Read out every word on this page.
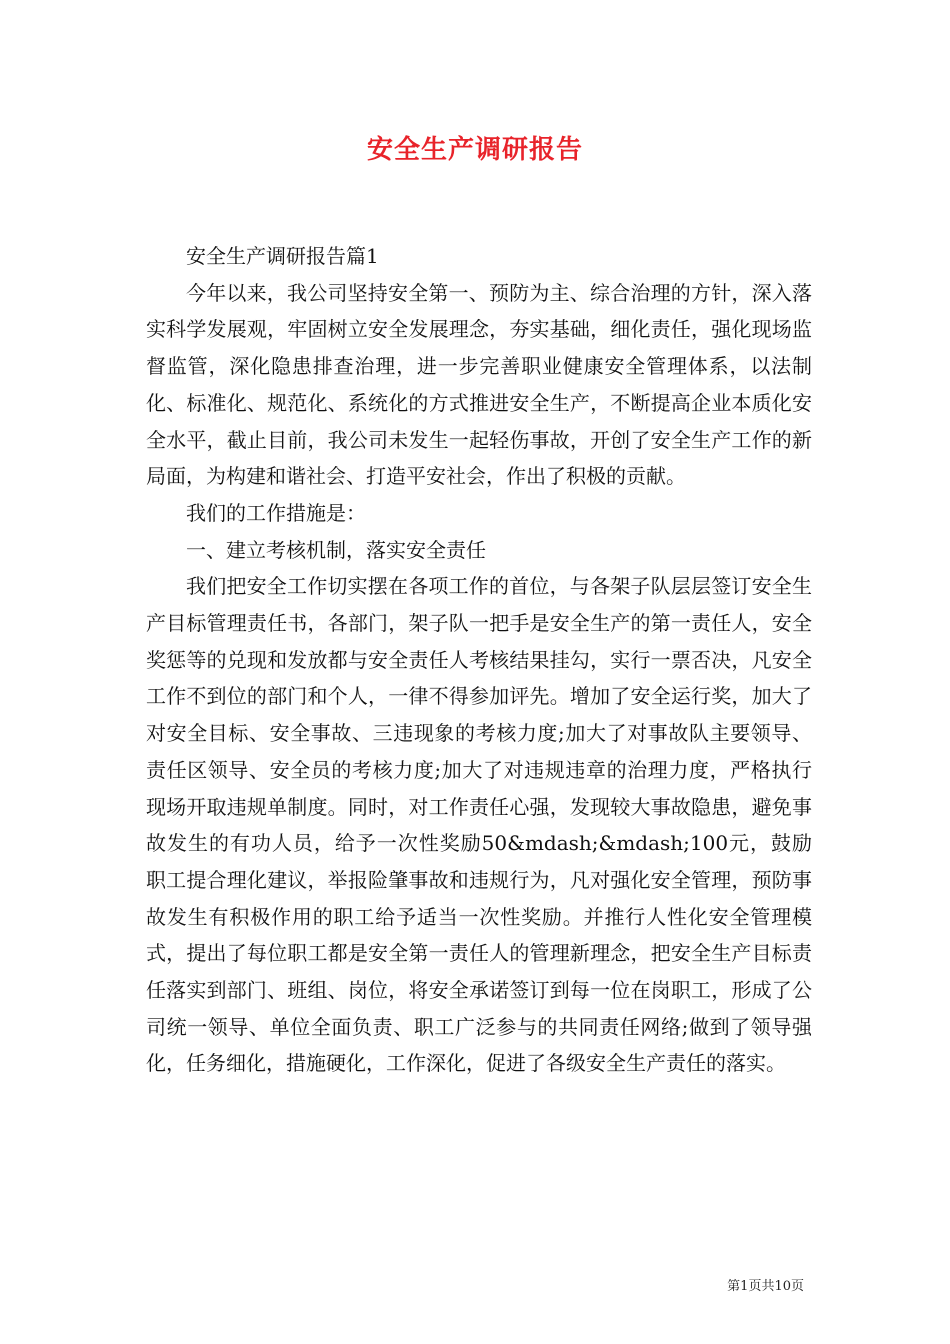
安全生产调研报告

安全生产调研报告篇1

今年以来，我公司坚持安全第一、预防为主、综合治理的方针，深入落实科学发展观，牢固树立安全发展理念，夯实基础，细化责任，强化现场监督监管，深化隐患排查治理，进一步完善职业健康安全管理体系，以法制化、标准化、规范化、系统化的方式推进安全生产，不断提高企业本质化安全水平，截止目前，我公司未发生一起轻伤事故，开创了安全生产工作的新局面，为构建和谐社会、打造平安社会，作出了积极的贡献。

我们的工作措施是：

一、建立考核机制，落实安全责任

我们把安全工作切实摆在各项工作的首位，与各架子队层层签订安全生产目标管理责任书，各部门，架子队一把手是安全生产的第一责任人，安全奖惩等的兑现和发放都与安全责任人考核结果挂勾，实行一票否决，凡安全工作不到位的部门和个人，一律不得参加评先。增加了安全运行奖，加大了对安全目标、安全事故、三违现象的考核力度;加大了对事故队主要领导、责任区领导、安全员的考核力度;加大了对违规违章的治理力度，严格执行现场开取违规单制度。同时，对工作责任心强，发现较大事故隐患，避免事故发生的有功人员，给予一次性奖励50&mdash;&mdash;100元，鼓励职工提合理化建议，举报险肇事故和违规行为，凡对强化安全管理，预防事故发生有积极作用的职工给予适当一次性奖励。并推行人性化安全管理模式，提出了每位职工都是安全第一责任人的管理新理念，把安全生产目标责任落实到部门、班组、岗位，将安全承诺签订到每一位在岗职工，形成了公司统一领导、单位全面负责、职工广泛参与的共同责任网络;做到了领导强化，任务细化，措施硬化，工作深化，促进了各级安全生产责任的落实。

第1页共10页
